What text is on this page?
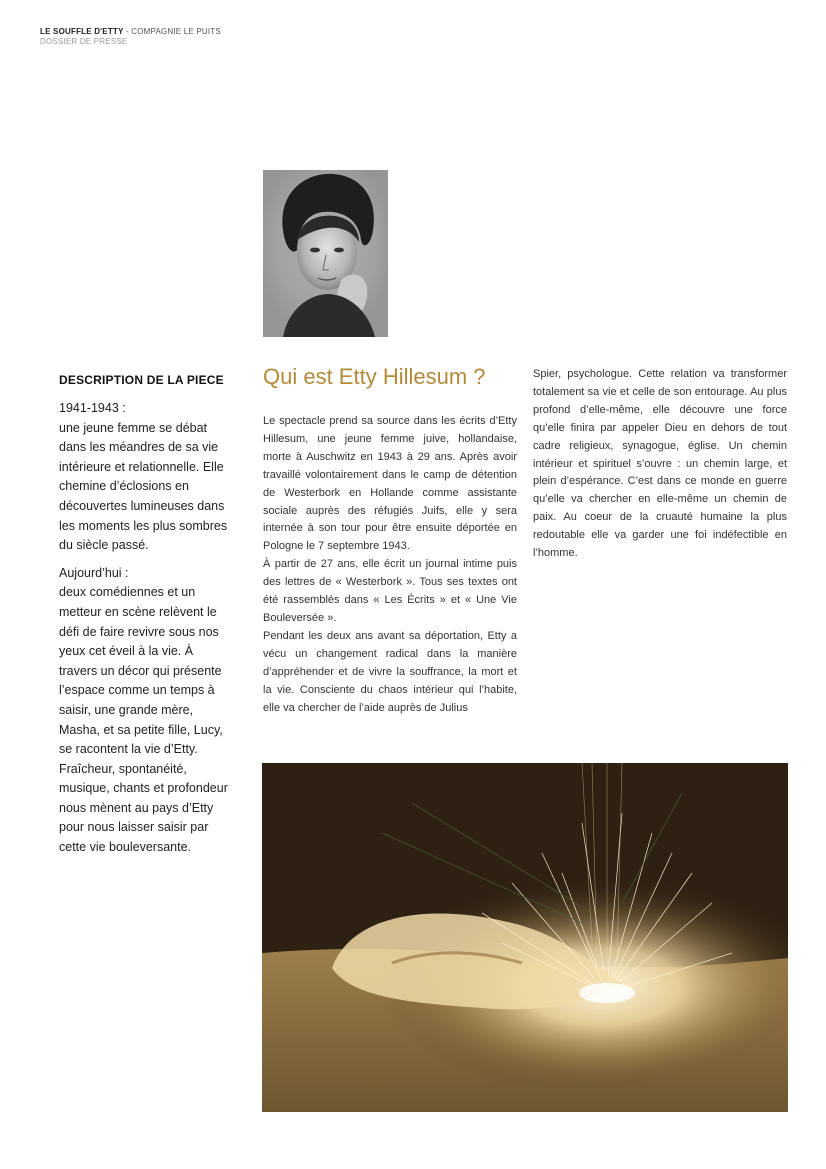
LE SOUFFLE D'ETTY - COMPAGNIE LE PUITS
DOSSIER DE PRESSE
DESCRIPTION DE LA PIECE

1941-1943 :

une jeune femme se débat dans les méandres de sa vie intérieure et relationnelle. Elle chemine d’éclosions en découvertes lumineuses dans les moments les plus sombres du siècle passé.

Aujourd’hui :

deux comédiennes et un metteur en scène relèvent le défi de faire revivre sous nos yeux cet éveil à la vie. À travers un décor qui présente l’espace comme un temps à saisir, une grande mère, Masha, et sa petite fille, Lucy, se racontent la vie d’Etty. Fraîcheur, spontanéité, musique, chants et profondeur nous mènent au pays d’Etty pour nous laisser saisir par cette vie bouleversante.

Qui est Etty Hillesum ?

Le spectacle prend sa source dans les écrits d’Etty Hillesum, une jeune femme juive, hollandaise, morte à Auschwitz en 1943 à 29 ans. Après avoir travaillé volontairement dans le camp de détention de Westerbork en Hollande comme assistante sociale auprès des réfugiés Juifs, elle y sera internée à son tour pour être ensuite déportée en Pologne le 7 septembre 1943.

À partir de 27 ans, elle écrit un journal intime puis des lettres de « Westerbork ». Tous ses textes ont été rassemblés dans « Les Écrits » et « Une Vie Bouleversée ».

Pendant les deux ans avant sa déportation, Etty a vécu un changement radical dans la manière d’appréhender et de vivre la souffrance, la mort et la vie. Consciente du chaos intérieur qui l’habite, elle va chercher de l’aide auprès de Julius

Spier, psychologue. Cette relation va transformer totalement sa vie et celle de son entourage. Au plus profond d’elle-même, elle découvre une force qu’elle finira par appeler Dieu en dehors de tout cadre religieux, synagogue, église. Un chemin intérieur et spirituel s’ouvre : un chemin large, et plein d’espérance. C’est dans ce monde en guerre qu’elle va chercher en elle-même un chemin de paix. Au coeur de la cruauté humaine la plus redoutable elle va garder une foi indéfectible en l’homme.
